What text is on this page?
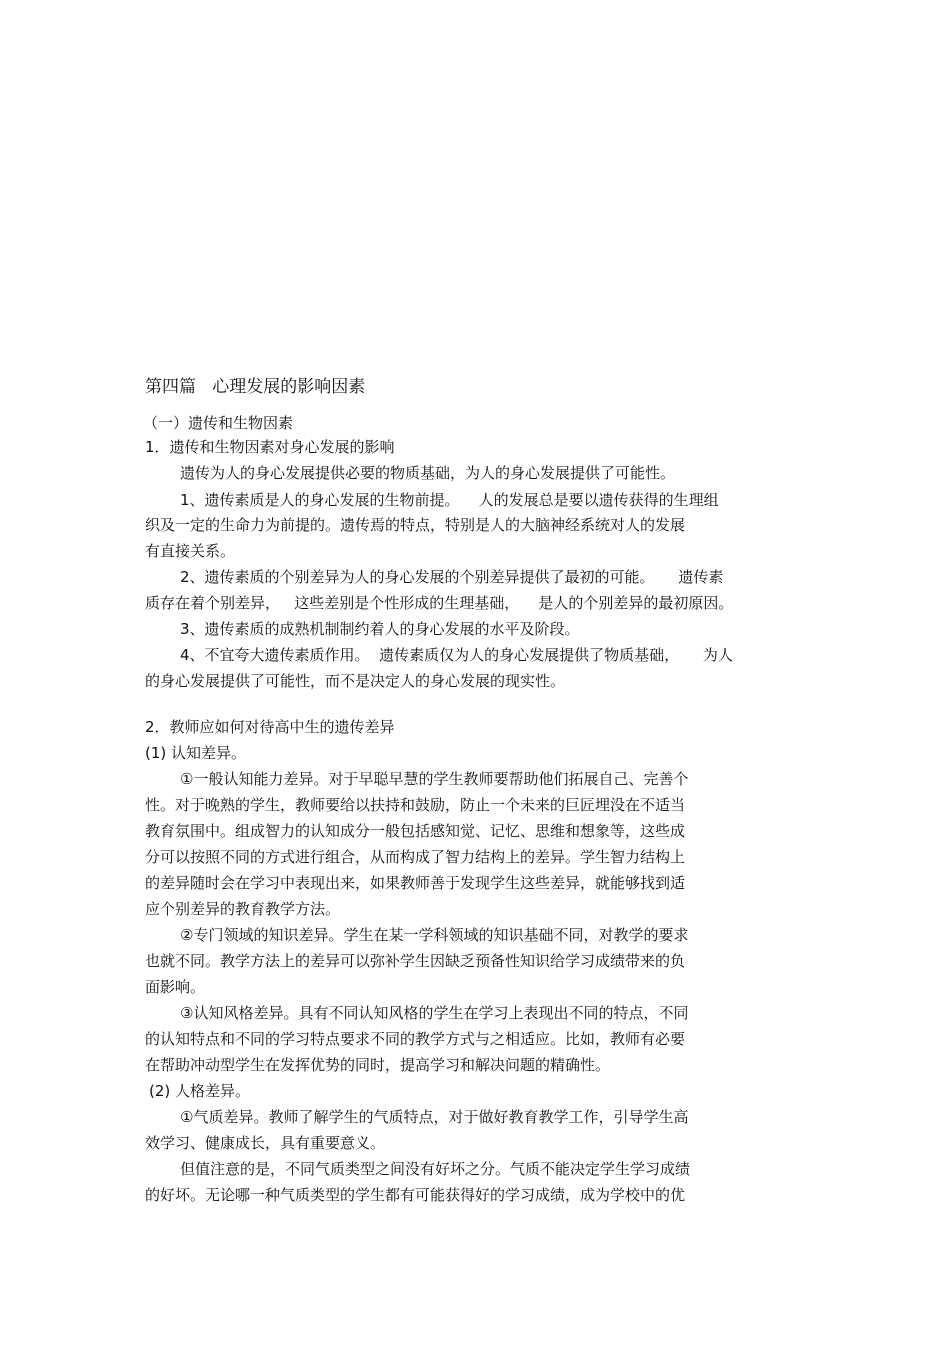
第四篇   心理发展的影响因素
（一）遗传和生物因素
1．遗传和生物因素对身心发展的影响
遗传为人的身心发展提供必要的物质基础，为人的身心发展提供了可能性。
1、遗传素质是人的身心发展的生物前提。    人的发展总是要以遗传获得的生理组
织及一定的生命力为前提的。遗传焉的特点，特别是人的大脑神经系统对人的发展
有直接关系。
2、遗传素质的个别差异为人的身心发展的个别差异提供了最初的可能。     遗传素
质存在着个别差异，   这些差别是个性形成的生理基础，    是人的个别差异的最初原因。
3、遗传素质的成熟机制制约着人的身心发展的水平及阶段。
4、不宜夸大遗传素质作用。  遗传素质仅为人的身心发展提供了物质基础，     为人
的身心发展提供了可能性，而不是决定人的身心发展的现实性。
2．教师应如何对待高中生的遗传差异
(1) 认知差异。
①一般认知能力差异。对于早聪早慧的学生教师要帮助他们拓展自己、完善个
性。对于晚熟的学生，教师要给以扶持和鼓励，防止一个未来的巨匠埋没在不适当
教育氛围中。组成智力的认知成分一般包括感知觉、记忆、思维和想象等，这些成
分可以按照不同的方式进行组合，从而构成了智力结构上的差异。学生智力结构上
的差异随时会在学习中表现出来，如果教师善于发现学生这些差异，就能够找到适
应个别差异的教育教学方法。
②专门领域的知识差异。学生在某一学科领域的知识基础不同，对教学的要求
也就不同。教学方法上的差异可以弥补学生因缺乏预备性知识给学习成绩带来的负
面影响。
③认知风格差异。具有不同认知风格的学生在学习上表现出不同的特点，不同
的认知特点和不同的学习特点要求不同的教学方式与之相适应。比如，教师有必要
在帮助冲动型学生在发挥优势的同时，提高学习和解决问题的精确性。
(2) 人格差异。
①气质差异。教师了解学生的气质特点，对于做好教育教学工作，引导学生高
效学习、健康成长，具有重要意义。
但值注意的是，不同气质类型之间没有好坏之分。气质不能决定学生学习成绩
的好坏。无论哪一种气质类型的学生都有可能获得好的学习成绩，成为学校中的优
